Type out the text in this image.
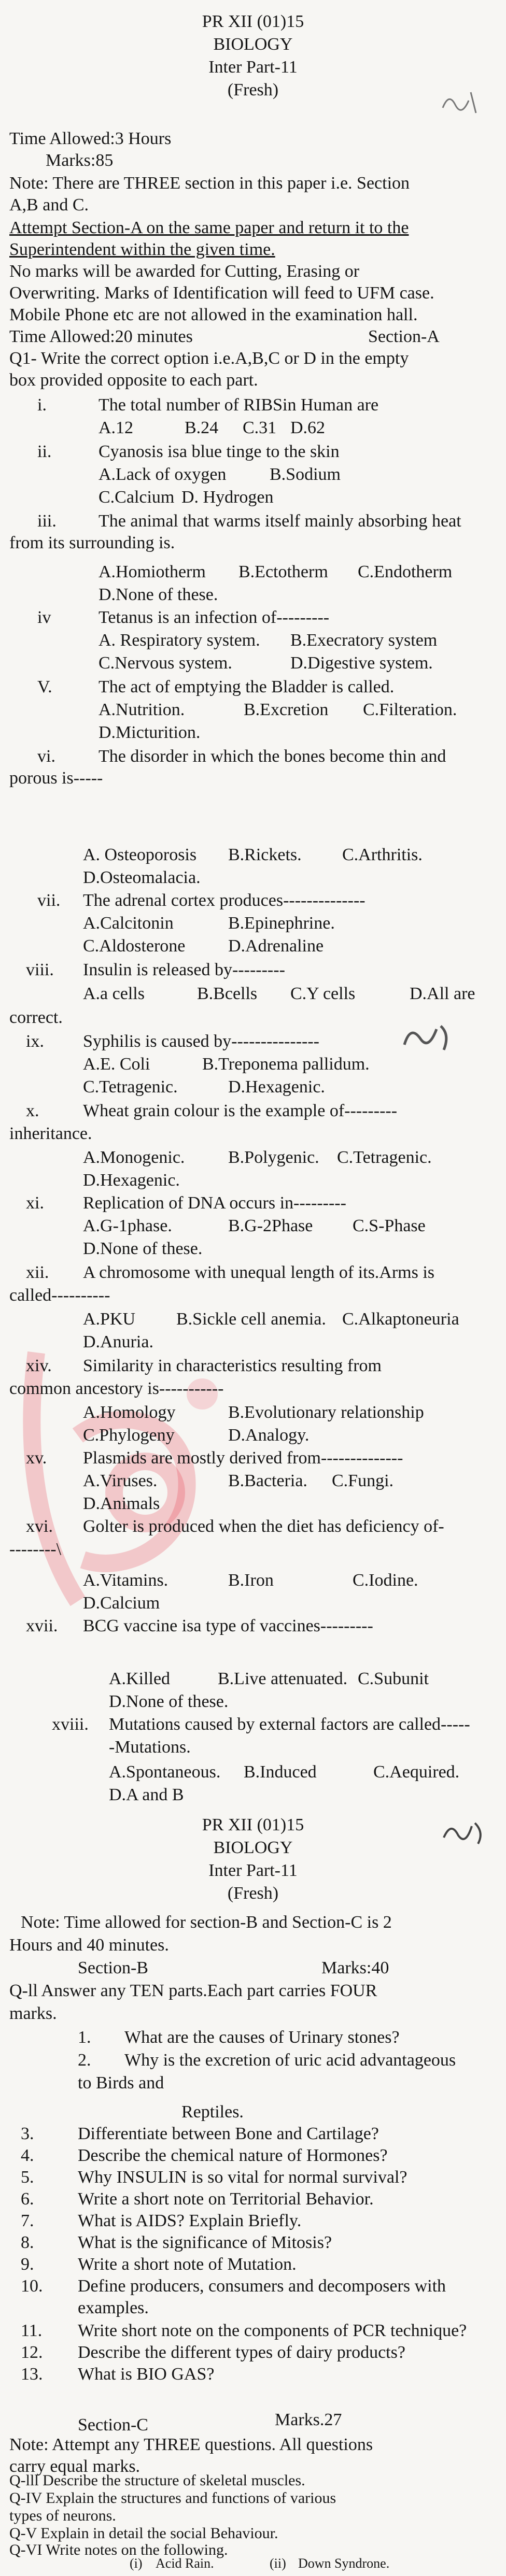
PR XII (01)15
BIOLOGY
Inter Part-11
(Fresh)
Time Allowed:3 Hours
Marks:85
Note: There are THREE section in this paper i.e. Section
A,B and C.
Attempt Section-A on the same paper and return it to the
Superintendent within the given time.
No marks will be awarded for Cutting, Erasing or
Overwriting. Marks of Identification will feed to UFM case.
Mobile Phone etc are not allowed in the examination hall.
Time Allowed:20 minutes	Section-A
Q1- Write the correct option i.e.A,B,C or D in the empty
box provided opposite to each part.
i.	The total number of RIBSin Human are
A.12	B.24 C.31 D.62
ii.	Cyanosis isa blue tinge to the skin
A.Lack of oxygen B.Sodium
C.Calcium D. Hydrogen
iii. The animal that warms itself mainly absorbing heat
from its surrounding is.
A.Homiotherm B.Ectotherm C.Endotherm
D.None of these.
iv	Tetanus is an infection of---------
A. Respiratory system. B.Execratory system
C.Nervous system.	D.Digestive system.
V.	The act of emptying the Bladder is called.
A.Nutrition.	B.Excretion C.Filteration.
D.Micturition.
vi. The disorder in which the bones become thin and
porous is-----
A. Osteoporosis B.Rickets. C.Arthritis.
D.Osteomalacia.
vii. The adrenal cortex produces--------------
A.Calcitonin	B.Epinephrine.
C.Aldosterone D.Adrenaline
viii. Insulin is released by---------
A.a cells	B.Bcells C.Y cells	D.All are
correct.
ix. Syphilis is caused by---------------
A.E. Coli	B.Treponema pallidum.
C.Tetragenic.	D.Hexagenic.
x. Wheat grain colour is the example of---------
inheritance.
A.Monogenic. B.Polygenic. C.Tetragenic.
D.Hexagenic.
xi. Replication of DNA occurs in---------
A.G-1phase.	B.G-2Phase C.S-Phase
D.None of these.
xii. A chromosome with unequal length of its.Arms is
called----------
A.PKU B.Sickle cell anemia. C.Alkaptoneuria
D.Anuria.
xiv. Similarity in characteristics resulting from
common ancestory is-----------
A.Homology	B.Evolutionary relationship
C.Phylogeny	D.Analogy.
xv. Plasmids are mostly derived from--------------
A.Viruses.	B.Bacteria. C.Fungi.
D.Animals
xvi. Golter is produced when the diet has deficiency of-
--------\
A.Vitamins.	B.Iron	C.Iodine.
D.Calcium
xvii. BCG vaccine isa type of vaccines---------
A.Killed	B.Live attenuated. C.Subunit
D.None of these.
xviii. Mutations caused by external factors are called-----
-Mutations.
A.Spontaneous. B.Induced	C.Aequired.
D.A and B
PR XII (01)15
BIOLOGY
Inter Part-11
(Fresh)
Note: Time allowed for section-B and Section-C is 2
Hours and 40 minutes.
Section-B	Marks:40
Q-ll Answer any TEN parts.Each part carries FOUR
marks.
1. What are the causes of Urinary stones?
2. Why is the excretion of uric acid advantageous
to Birds and
Reptiles.
3. Differentiate between Bone and Cartilage?
4. Describe the chemical nature of Hormones?
5. Why INSULIN is so vital for normal survival?
6. Write a short note on Territorial Behavior.
7. What is AIDS? Explain Briefly.
8. What is the significance of Mitosis?
9. Write a short note of Mutation.
10. Define producers, consumers and decomposers with
examples.
11. Write short note on the components of PCR technique?
12. Describe the different types of dairy products?
13. What is BIO GAS?
Section-C	Marks.27
Note: Attempt any THREE questions. All questions
carry equal marks.
Q-lll Describe the structure of skeletal muscles.
Q-IV Explain the structures and functions of various
types of neurons.
Q-V Explain in detail the social Behaviour.
Q-VI Write notes on the following.
(i) Acid Rain.	(ii) Down Syndrone.
